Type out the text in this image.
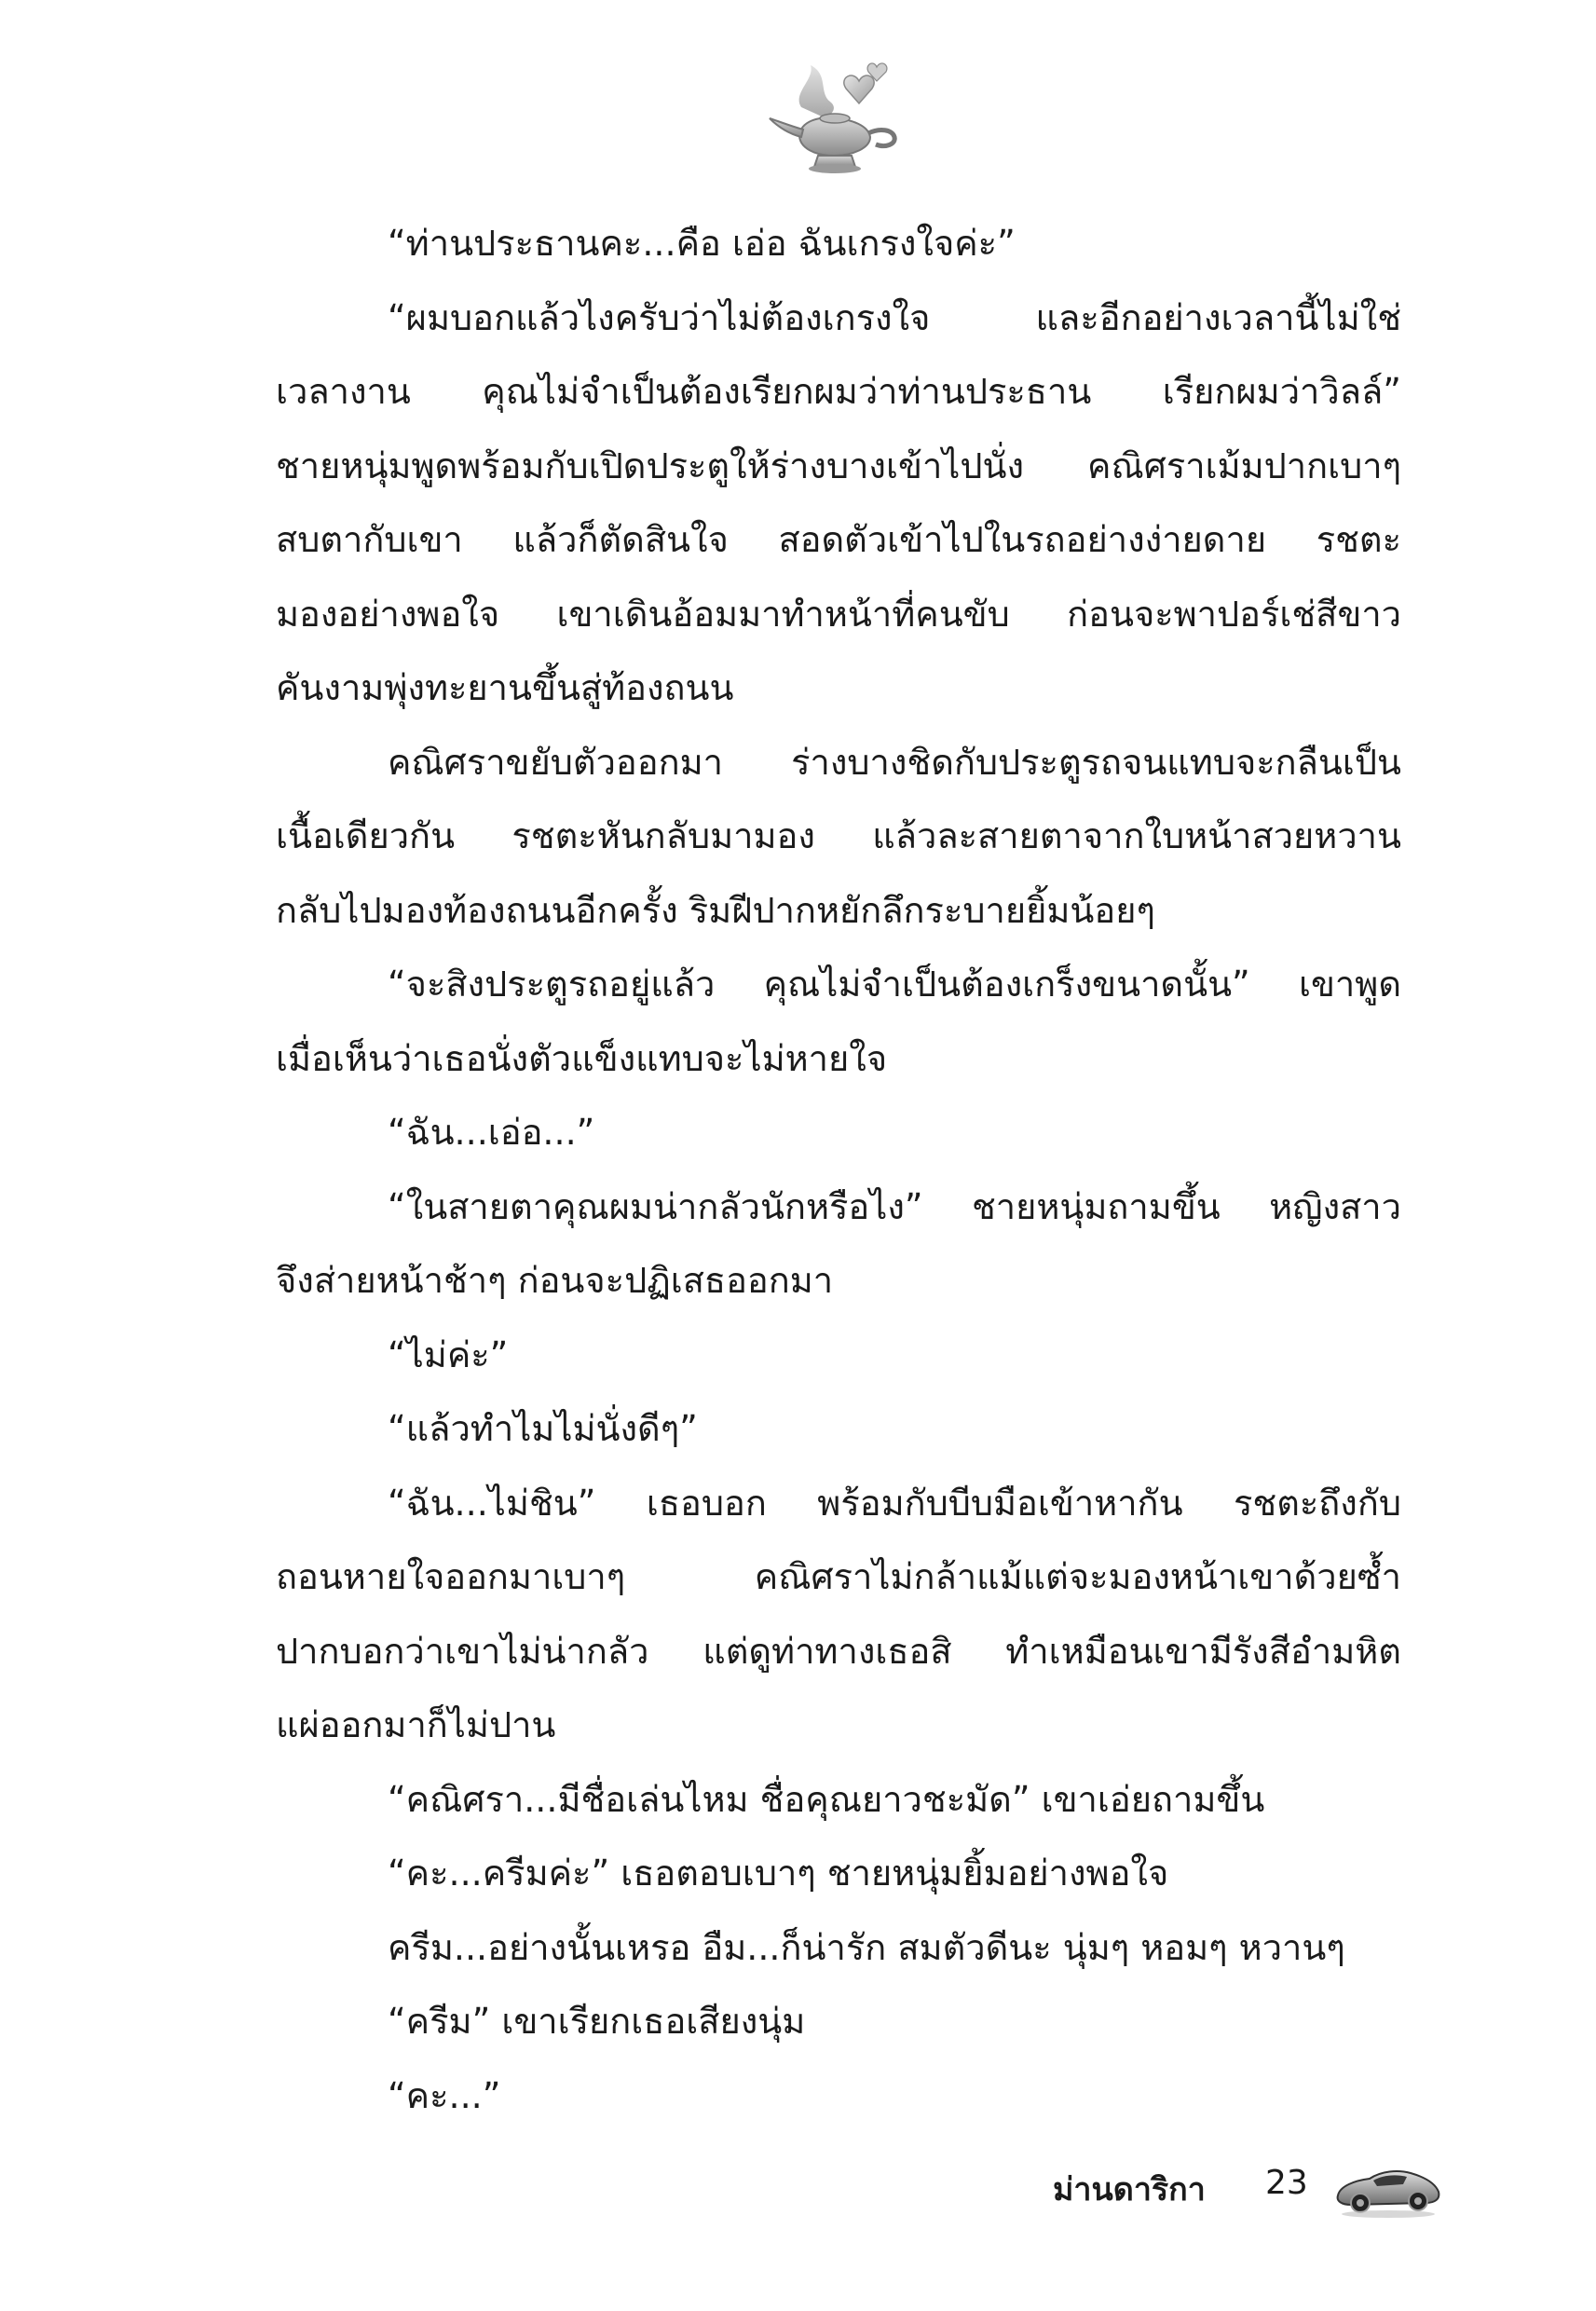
“ท่านประธานคะ...คือ เอ่อ ฉันเกรงใจค่ะ”
“ผมบอกแล้วไงครับว่าไม่ต้องเกรงใจ และอีกอย่างเวลานี้ไม่ใช่
เวลางาน คุณไม่จำเป็นต้องเรียกผมว่าท่านประธาน เรียกผมว่าวิลล์”
ชายหนุ่มพูดพร้อมกับเปิดประตูให้ร่างบางเข้าไปนั่ง คณิศราเม้มปากเบาๆ
สบตากับเขา แล้วก็ตัดสินใจ สอดตัวเข้าไปในรถอย่างง่ายดาย รชตะ
มองอย่างพอใจ เขาเดินอ้อมมาทำหน้าที่คนขับ ก่อนจะพาปอร์เช่สีขาว
คันงามพุ่งทะยานขึ้นสู่ท้องถนน
คณิศราขยับตัวออกมา ร่างบางชิดกับประตูรถจนแทบจะกลืนเป็น
เนื้อเดียวกัน รชตะหันกลับมามอง แล้วละสายตาจากใบหน้าสวยหวาน
กลับไปมองท้องถนนอีกครั้ง ริมฝีปากหยักลึกระบายยิ้มน้อยๆ
“จะสิงประตูรถอยู่แล้ว คุณไม่จำเป็นต้องเกร็งขนาดนั้น” เขาพูด
เมื่อเห็นว่าเธอนั่งตัวแข็งแทบจะไม่หายใจ
“ฉัน...เอ่อ...”
“ในสายตาคุณผมน่ากลัวนักหรือไง” ชายหนุ่มถามขึ้น หญิงสาว
จึงส่ายหน้าช้าๆ ก่อนจะปฏิเสธออกมา
“ไม่ค่ะ”
“แล้วทำไมไม่นั่งดีๆ”
“ฉัน...ไม่ชิน” เธอบอก พร้อมกับบีบมือเข้าหากัน รชตะถึงกับ
ถอนหายใจออกมาเบาๆ คณิศราไม่กล้าแม้แต่จะมองหน้าเขาด้วยซ้ำ
ปากบอกว่าเขาไม่น่ากลัว แต่ดูท่าทางเธอสิ ทำเหมือนเขามีรังสีอำมหิต
แผ่ออกมาก็ไม่ปาน
“คณิศรา...มีชื่อเล่นไหม ชื่อคุณยาวชะมัด” เขาเอ่ยถามขึ้น
“คะ...ครีมค่ะ” เธอตอบเบาๆ ชายหนุ่มยิ้มอย่างพอใจ
ครีม...อย่างนั้นเหรอ อืม...ก็น่ารัก สมตัวดีนะ นุ่มๆ หอมๆ หวานๆ
“ครีม” เขาเรียกเธอเสียงนุ่ม
“คะ...”
ม่านดาริกา 23
